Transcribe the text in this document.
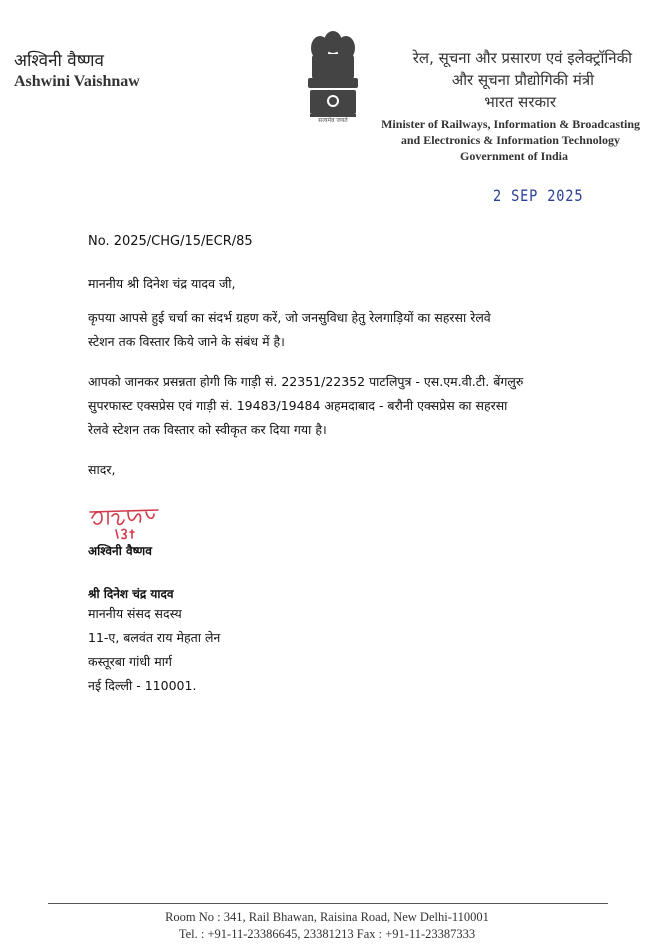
अश्विनी वैष्णव
Ashwini Vaishnaw
सत्यमेव जयते
रेल, सूचना और प्रसारण एवं इलेक्ट्रॉनिकी
और सूचना प्रौद्योगिकी मंत्री
भारत सरकार
Minister of Railways, Information & Broadcasting
and Electronics & Information Technology
Government of India
2 SEP 2025
No. 2025/CHG/15/ECR/85
माननीय श्री दिनेश चंद्र यादव जी,
कृपया आपसे हुई चर्चा का संदर्भ ग्रहण करें, जो जनसुविधा हेतु रेलगाड़ियों का सहरसा रेलवे
स्टेशन तक विस्तार किये जाने के संबंध में है।
आपको जानकर प्रसन्नता होगी कि गाड़ी सं. 22351/22352 पाटलिपुत्र - एस.एम.वी.टी. बेंगलुरु
सुपरफास्ट एक्सप्रेस एवं गाड़ी सं. 19483/19484 अहमदाबाद - बरौनी एक्सप्रेस का सहरसा
रेलवे स्टेशन तक विस्तार को स्वीकृत कर दिया गया है।
सादर,
अश्विनी वैष्णव
श्री दिनेश चंद्र यादव
माननीय संसद सदस्य
11-ए, बलवंत राय मेहता लेन
कस्तूरबा गांधी मार्ग
नई दिल्ली - 110001.
Room No : 341, Rail Bhawan, Raisina Road, New Delhi-110001
Tel. : +91-11-23386645, 23381213 Fax : +91-11-23387333
